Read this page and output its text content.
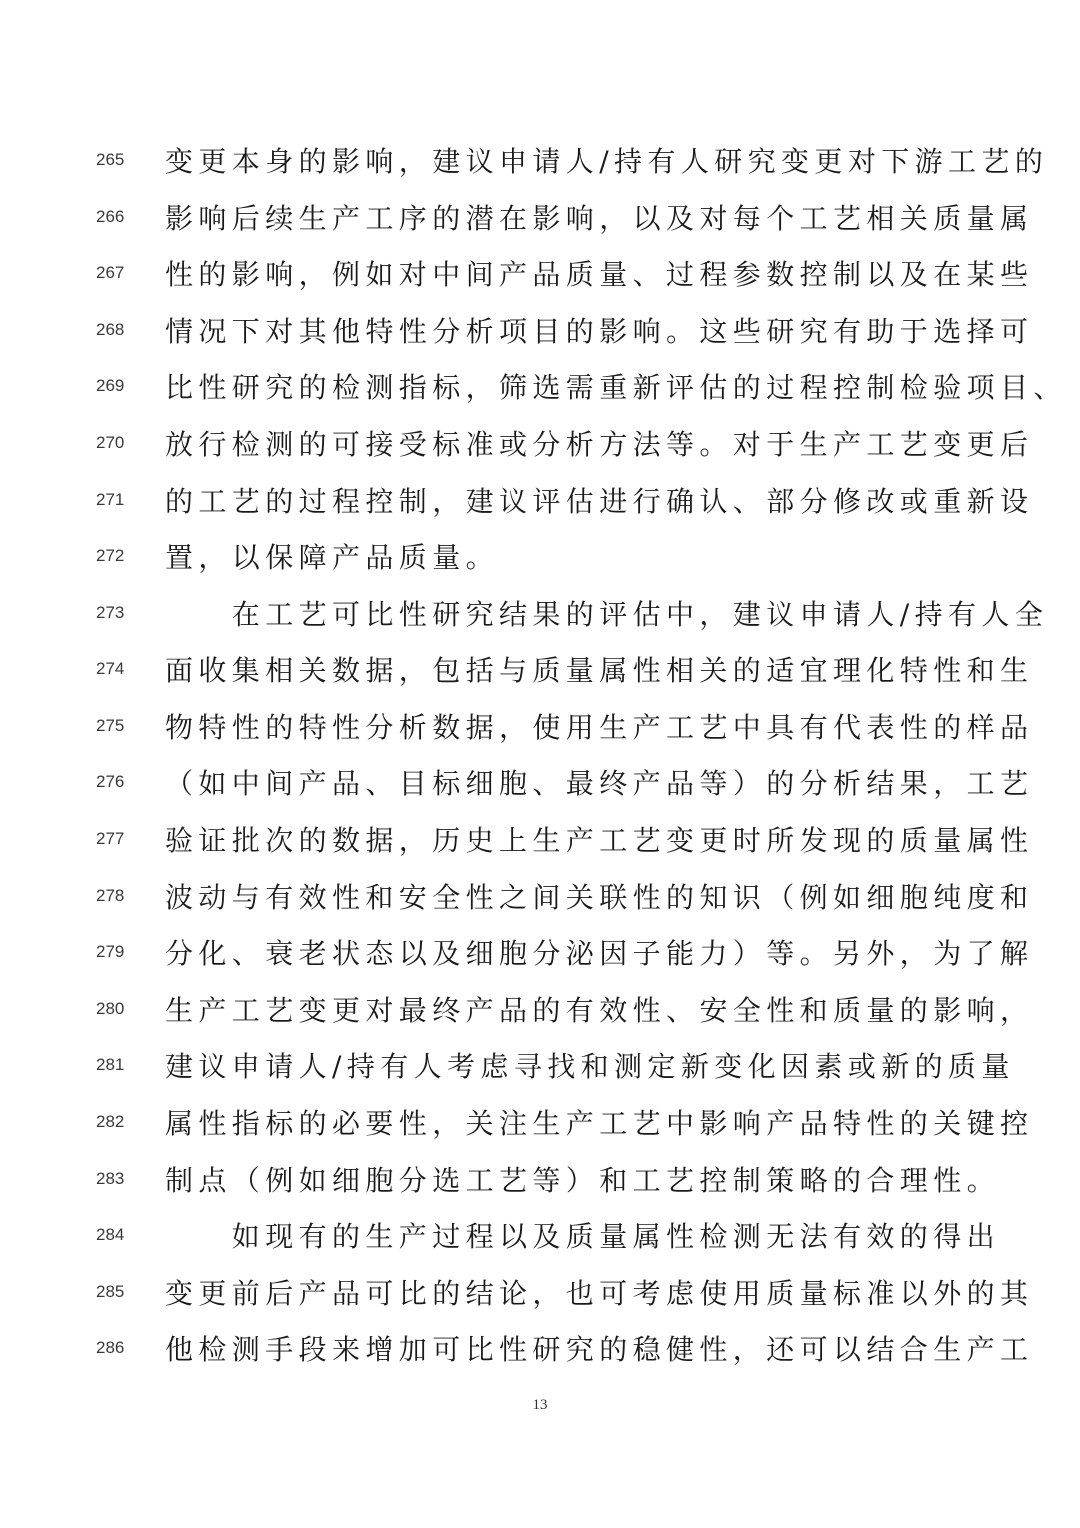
265	变更本身的影响，建议申请人/持有人研究变更对下游工艺的
266	影响后续生产工序的潜在影响，以及对每个工艺相关质量属
267	性的影响，例如对中间产品质量、过程参数控制以及在某些
268	情况下对其他特性分析项目的影响。这些研究有助于选择可
269	比性研究的检测指标，筛选需重新评估的过程控制检验项目、
270	放行检测的可接受标准或分析方法等。对于生产工艺变更后
271	的工艺的过程控制，建议评估进行确认、部分修改或重新设
272	置，以保障产品质量。
273	　　在工艺可比性研究结果的评估中，建议申请人/持有人全
274	面收集相关数据，包括与质量属性相关的适宜理化特性和生
275	物特性的特性分析数据，使用生产工艺中具有代表性的样品
276	（如中间产品、目标细胞、最终产品等）的分析结果，工艺
277	验证批次的数据，历史上生产工艺变更时所发现的质量属性
278	波动与有效性和安全性之间关联性的知识（例如细胞纯度和
279	分化、衰老状态以及细胞分泌因子能力）等。另外，为了解
280	生产工艺变更对最终产品的有效性、安全性和质量的影响，
281	建议申请人/持有人考虑寻找和测定新变化因素或新的质量
282	属性指标的必要性，关注生产工艺中影响产品特性的关键控
283	制点（例如细胞分选工艺等）和工艺控制策略的合理性。
284	　　如现有的生产过程以及质量属性检测无法有效的得出
285	变更前后产品可比的结论，也可考虑使用质量标准以外的其
286	他检测手段来增加可比性研究的稳健性，还可以结合生产工
13
